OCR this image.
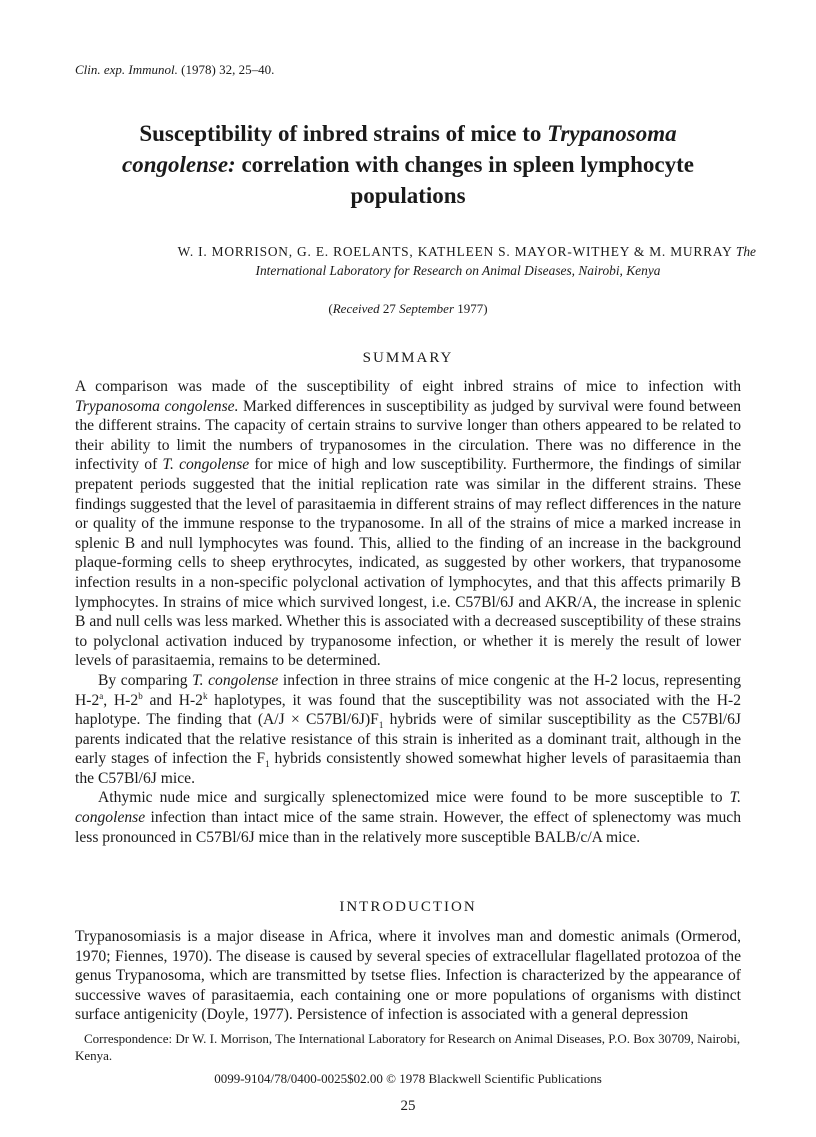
Clin. exp. Immunol. (1978) 32, 25–40.
Susceptibility of inbred strains of mice to Trypanosoma
congolense: correlation with changes in spleen lymphocyte populations
W. I. MORRISON, G. E. ROELANTS, KATHLEEN S. MAYOR-WITHEY & M. MURRAY The
International Laboratory for Research on Animal Diseases, Nairobi, Kenya
(Received 27 September 1977)
SUMMARY

A comparison was made of the susceptibility of eight inbred strains of mice to infection with Trypanosoma congolense. Marked differences in susceptibility as judged by survival were found between the different strains. The capacity of certain strains to survive longer than others appeared to be related to their ability to limit the numbers of trypanosomes in the circulation. There was no difference in the infectivity of T. congolense for mice of high and low susceptibility. Furthermore, the findings of similar prepatent periods suggested that the initial replication rate was similar in the different strains. These findings suggested that the level of parasitaemia in different strains of may reflect differences in the nature or quality of the immune response to the trypanosome. In all of the strains of mice a marked increase in splenic B and null lymphocytes was found. This, allied to the finding of an increase in the background plaque-forming cells to sheep erythrocytes, indicated, as suggested by other workers, that trypanosome infection results in a non-specific polyclonal activation of lymphocytes, and that this affects primarily B lymphocytes. In strains of mice which survived longest, i.e. C57Bl/6J and AKR/A, the increase in splenic B and null cells was less marked. Whether this is associated with a decreased susceptibility of these strains to polyclonal activation induced by trypanosome infection, or whether it is merely the result of lower levels of parasitaemia, remains to be determined.

By comparing T. congolense infection in three strains of mice congenic at the H-2 locus, representing H-2$^a$, H-2$^b$ and H-2$^k$ haplotypes, it was found that the susceptibility was not associated with the H-2 haplotype. The finding that $(A/J \times C57Bl/6J)F_1$ hybrids were of similar susceptibility as the C57Bl/6J parents indicated that the relative resistance of this strain is inherited as a dominant trait, although in the early stages of infection the $F_1$ hybrids consistently showed somewhat higher levels of parasitaemia than the C57Bl/6J mice.

Athymic nude mice and surgically splenectomized mice were found to be more susceptible to T. congolense infection than intact mice of the same strain. However, the effect of splenectomy was much less pronounced in C57Bl/6J mice than in the relatively more susceptible BALB/c/A mice.

INTRODUCTION

Trypanosomiasis is a major disease in Africa, where it involves man and domestic animals (Ormerod, 1970; Fiennes, 1970). The disease is caused by several species of extracellular flagellated protozoa of the genus Trypanosoma, which are transmitted by tsetse flies. Infection is characterized by the appearance of successive waves of parasitaemia, each containing one or more populations of organisms with distinct surface antigenicity (Doyle, 1977). Persistence of infection is associated with a general depression

Correspondence: Dr W. I. Morrison, The International Laboratory for Research on Animal Diseases, P.O. Box 30709, Nairobi, Kenya.

0099-9104/78/0400-0025$02.00 © 1978 Blackwell Scientific Publications
25
